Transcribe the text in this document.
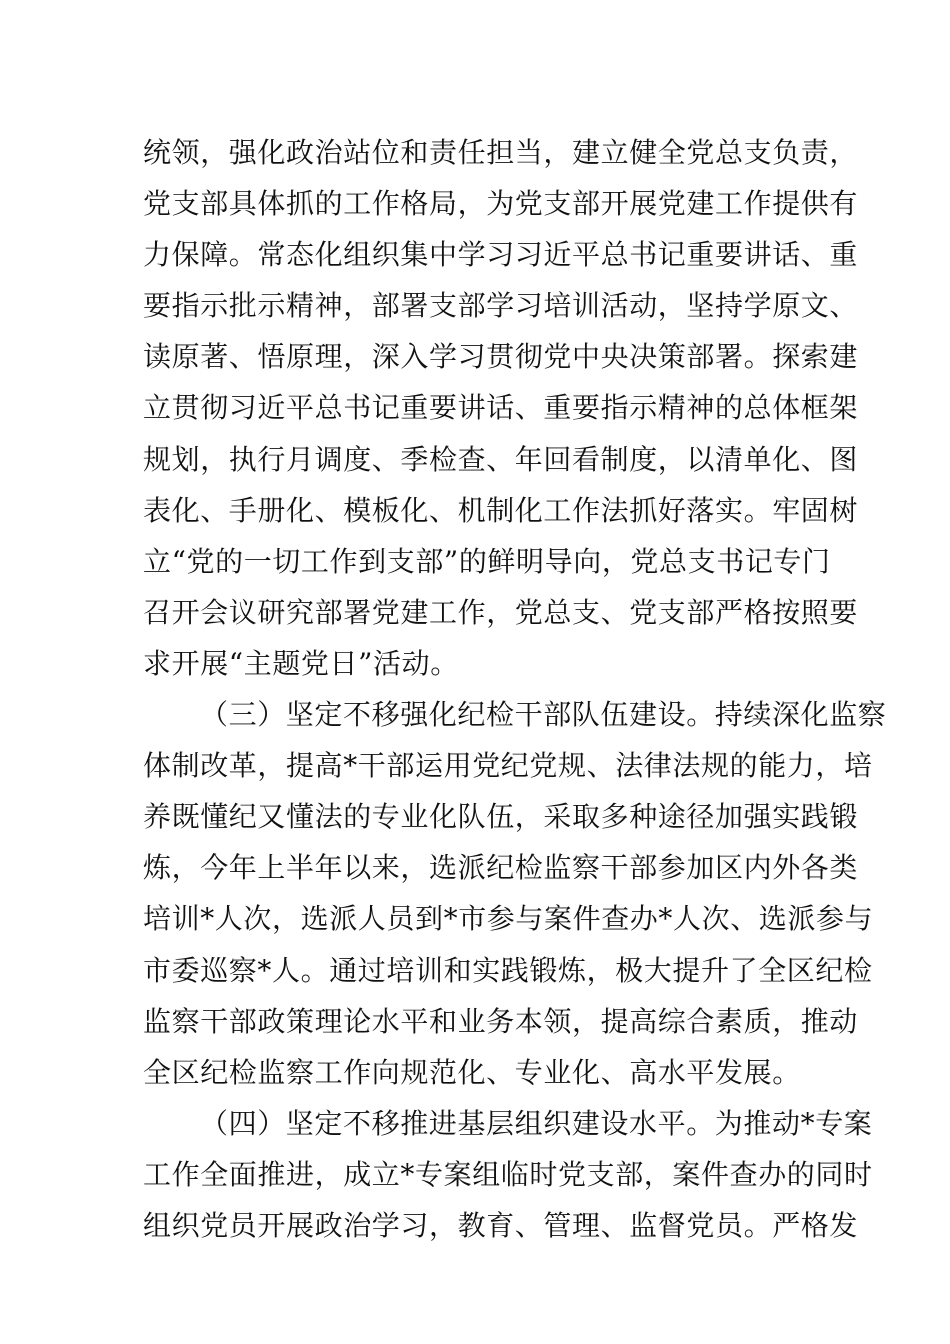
统领，强化政治站位和责任担当，建立健全党总支负责，
党支部具体抓的工作格局，为党支部开展党建工作提供有
力保障。常态化组织集中学习习近平总书记重要讲话、重
要指示批示精神，部署支部学习培训活动，坚持学原文、
读原著、悟原理，深入学习贯彻党中央决策部署。探索建
立贯彻习近平总书记重要讲话、重要指示精神的总体框架
规划，执行月调度、季检查、年回看制度，以清单化、图
表化、手册化、模板化、机制化工作法抓好落实。牢固树
立“党的一切工作到支部”的鲜明导向，党总支书记专门
召开会议研究部署党建工作，党总支、党支部严格按照要
求开展“主题党日”活动。
（三）坚定不移强化纪检干部队伍建设。持续深化监察
体制改革，提高*干部运用党纪党规、法律法规的能力，培
养既懂纪又懂法的专业化队伍，采取多种途径加强实践锻
炼，今年上半年以来，选派纪检监察干部参加区内外各类
培训*人次，选派人员到*市参与案件查办*人次、选派参与
市委巡察*人。通过培训和实践锻炼，极大提升了全区纪检
监察干部政策理论水平和业务本领，提高综合素质，推动
全区纪检监察工作向规范化、专业化、高水平发展。
（四）坚定不移推进基层组织建设水平。为推动*专案
工作全面推进，成立*专案组临时党支部，案件查办的同时
组织党员开展政治学习，教育、管理、监督党员。严格发
